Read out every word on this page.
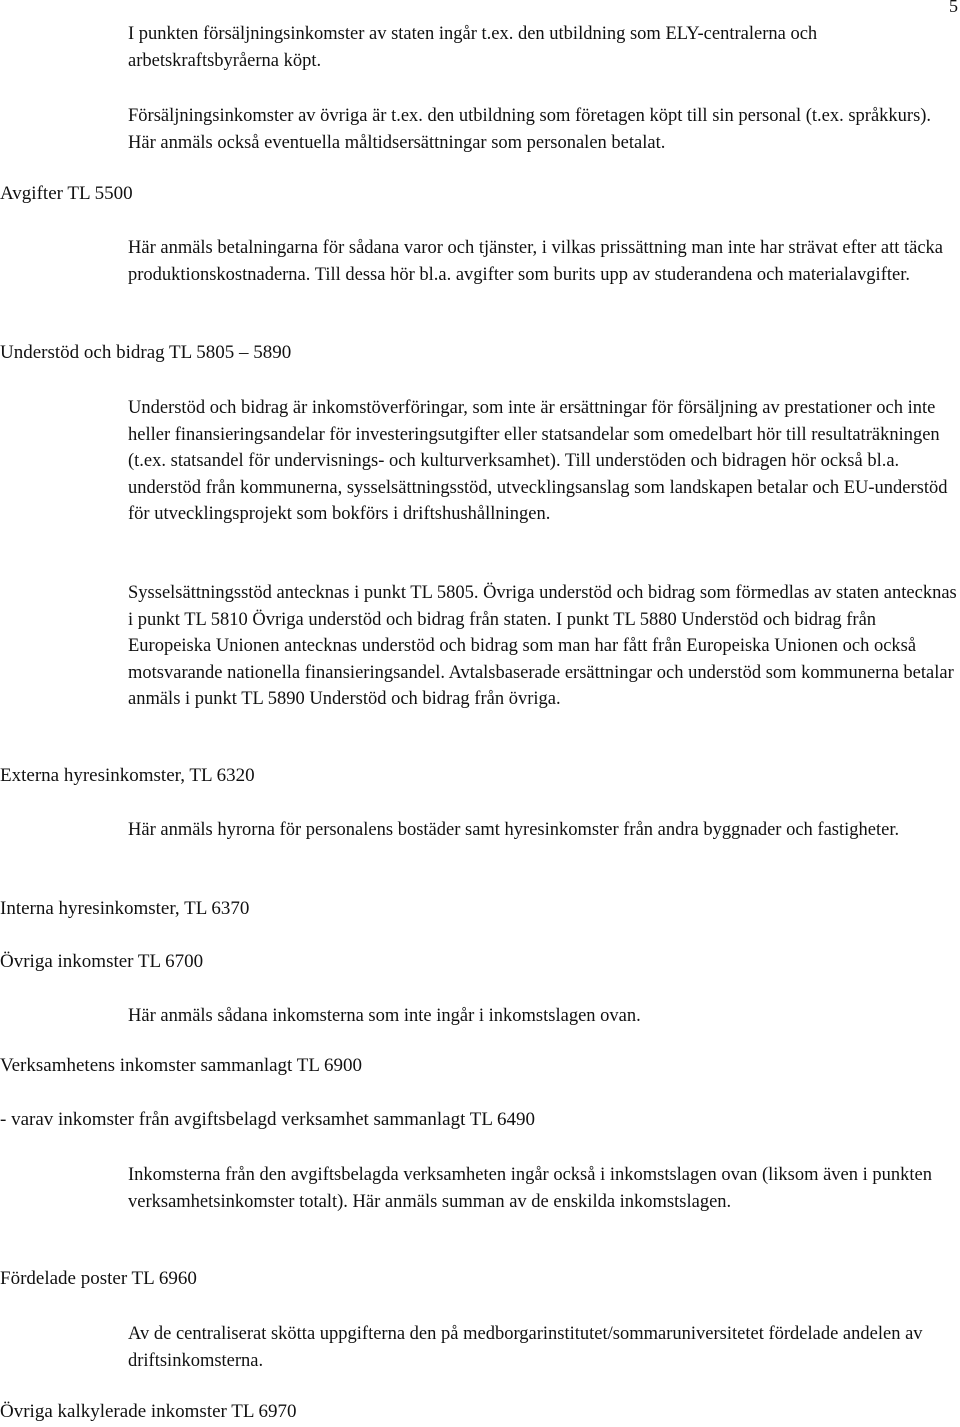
5

I punkten försäljningsinkomster av staten ingår t.ex. den utbildning som ELY-centralerna och arbetskraftsbyråerna köpt.

Försäljningsinkomster av övriga är t.ex. den utbildning som företagen köpt till sin personal (t.ex. språkkurs). Här anmäls också eventuella måltidsersättningar som personalen betalat.

Avgifter TL 5500

Här anmäls betalningarna för sådana varor och tjänster, i vilkas prissättning man inte har strävat efter att täcka produktionskostnaderna. Till dessa hör bl.a. avgifter som burits upp av studerandena och materialavgifter.

Understöd och bidrag TL 5805 – 5890

Understöd och bidrag är inkomstöverföringar, som inte är ersättningar för försäljning av prestationer och inte heller finansieringsandelar för investeringsutgifter eller statsandelar som omedelbart hör till resultaträkningen (t.ex. statsandel för undervisnings- och kulturverksamhet). Till understöden och bidragen hör också bl.a. understöd från kommunerna, sysselsättningsstöd, utvecklingsanslag som landskapen betalar och EU-understöd för utvecklingsprojekt som bokförs i driftshushållningen.

Sysselsättningsstöd antecknas i punkt TL 5805. Övriga understöd och bidrag som förmedlas av staten antecknas i punkt TL 5810 Övriga understöd och bidrag från staten. I punkt TL 5880 Understöd och bidrag från Europeiska Unionen antecknas understöd och bidrag som man har fått från Europeiska Unionen och också motsvarande nationella finansieringsandel. Avtalsbaserade ersättningar och understöd som kommunerna betalar anmäls i punkt TL 5890 Understöd och bidrag från övriga.

Externa hyresinkomster, TL 6320

Här anmäls hyrorna för personalens bostäder samt hyresinkomster från andra byggnader och fastigheter.

Interna hyresinkomster, TL 6370
Övriga inkomster TL 6700

Här anmäls sådana inkomsterna som inte ingår i inkomstslagen ovan.

Verksamhetens inkomster sammanlagt TL 6900
- varav inkomster från avgiftsbelagd verksamhet sammanlagt TL 6490

Inkomsterna från den avgiftsbelagda verksamheten ingår också i inkomstslagen ovan (liksom även i punkten verksamhetsinkomster totalt). Här anmäls summan av de enskilda inkomstslagen.

Fördelade poster TL 6960

Av de centraliserat skötta uppgifterna den på medborgarinstitutet/sommaruniversitetet fördelade andelen av driftsinkomsterna.

Övriga kalkylerade inkomster TL 6970
